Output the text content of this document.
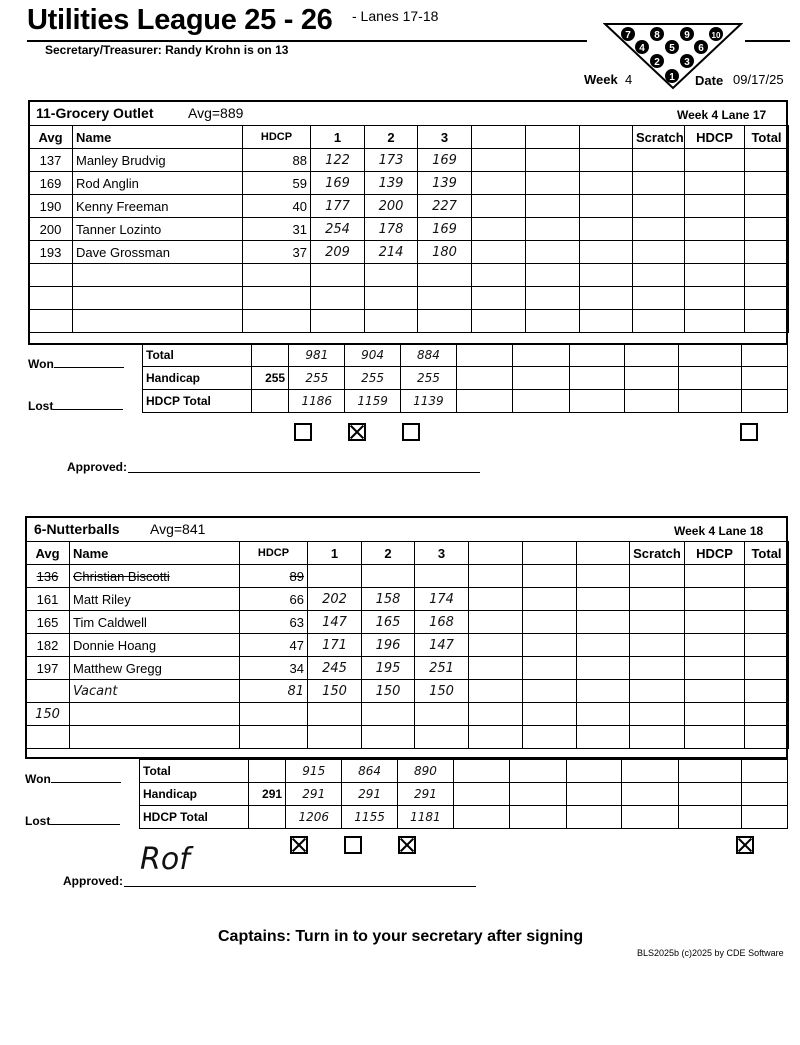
Utilities League 25 - 26 - Lanes 17-18
Secretary/Treasurer: Randy Krohn is on 13
7 8 9	10
4 5 6
2 3
1
Week 4	Date 09/17/25
11-Grocery Outlet Avg=889	Week 4 Lane 17
Avg	Name	HDCP	1	2	3				Scratch	HDCP	Total
137	Manley Brudvig	88	122	173	169						
169	Rod Anglin	59	169	139	139						
190	Kenny Freeman	40	177	200	227						
200	Tanner Lozinto	31	254	178	169						
193	Dave Grossman	37	209	214	180						

Won
Lost
Total		981	904	884						
Handicap	255	255	255	255						
HDCP Total		1186	1159	1139						
Approved:
6-Nutterballs Avg=841	Week 4 Lane 18
Avg	Name	HDCP	1	2	3				Scratch	HDCP	Total
136	Christian Biscotti	89									
161	Matt Riley	66	202	158	174						
165	Tim Caldwell	63	147	165	168						
182	Donnie Hoang	47	171	196	147						
197	Matthew Gregg	34	245	195	251						
	Vacant	81	150	150	150						
150											

Won
Lost
Total		915	864	890						
Handicap	291	291	291	291						
HDCP Total		1206	1155	1181						
Approved:
Rof
Captains: Turn in to your secretary after signing
BLS2025b (c)2025 by CDE Software
